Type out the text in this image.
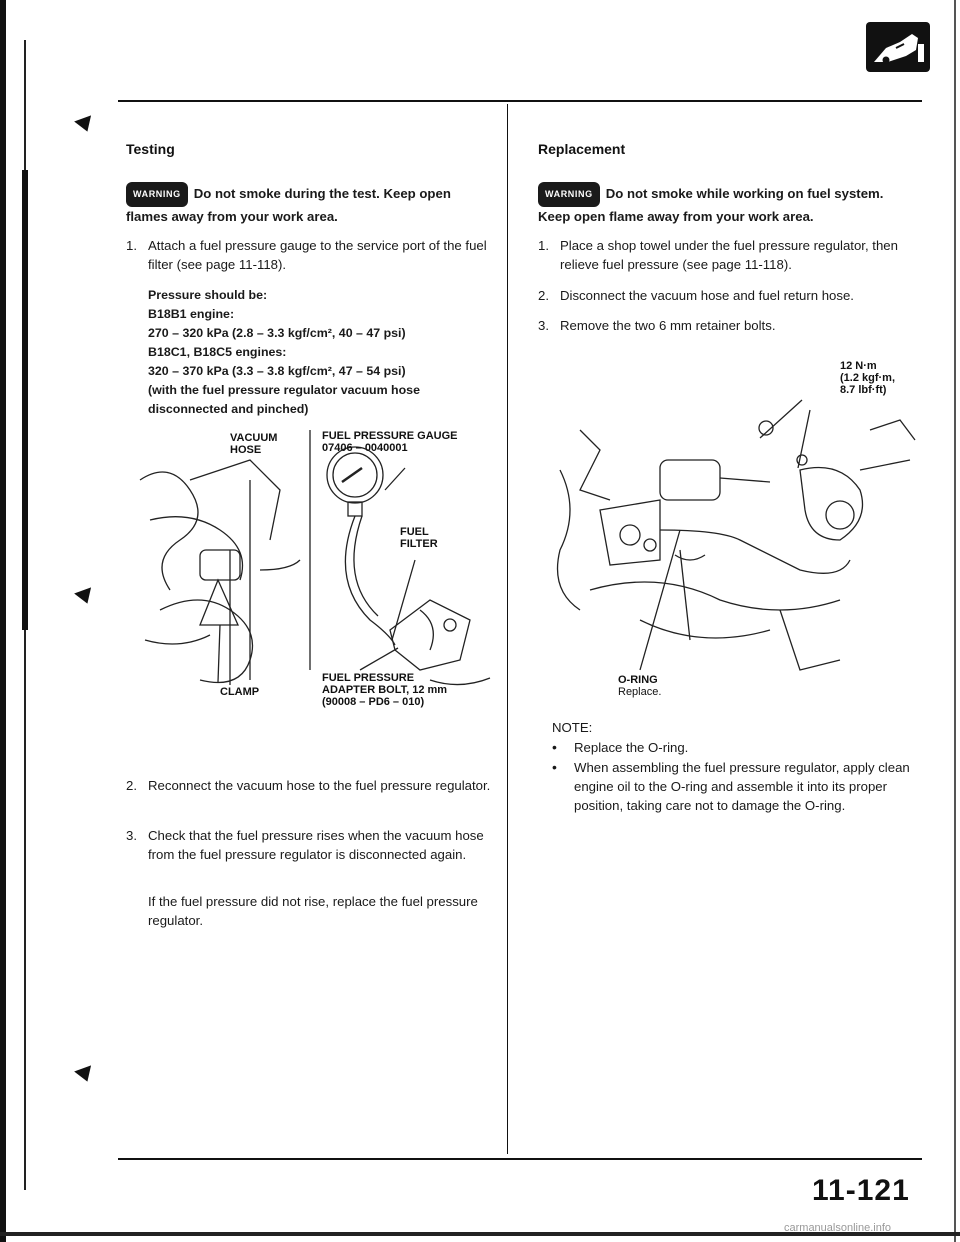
Testing
WARNING Do not smoke during the test. Keep open flames away from your work area.
1. Attach a fuel pressure gauge to the service port of the fuel filter (see page 11-118).
Pressure should be:
B18B1 engine:
270 – 320 kPa (2.8 – 3.3 kgf/cm², 40 – 47 psi)
B18C1, B18C5 engines:
320 – 370 kPa (3.3 – 3.8 kgf/cm², 47 – 54 psi)
(with the fuel pressure regulator vacuum hose disconnected and pinched)
VACUUM
HOSE
FUEL PRESSURE GAUGE
07406 – 0040001
FUEL
FILTER
CLAMP
FUEL PRESSURE
ADAPTER BOLT, 12 mm
(90008 – PD6 – 010)
2. Reconnect the vacuum hose to the fuel pressure regulator.
3. Check that the fuel pressure rises when the vacuum hose from the fuel pressure regulator is disconnected again.
If the fuel pressure did not rise, replace the fuel pressure regulator.
Replacement
WARNING Do not smoke while working on fuel system. Keep open flame away from your work area.
1. Place a shop towel under the fuel pressure regulator, then relieve fuel pressure (see page 11-118).
2. Disconnect the vacuum hose and fuel return hose.
3. Remove the two 6 mm retainer bolts.
12 N·m
(1.2 kgf·m,
8.7 lbf·ft)
O-RING
Replace.
NOTE:
•	Replace the O-ring.
•	When assembling the fuel pressure regulator, apply clean engine oil to the O-ring and assemble it into its proper position, taking care not to damage the O-ring.
11-121
carmanualsonline.info
